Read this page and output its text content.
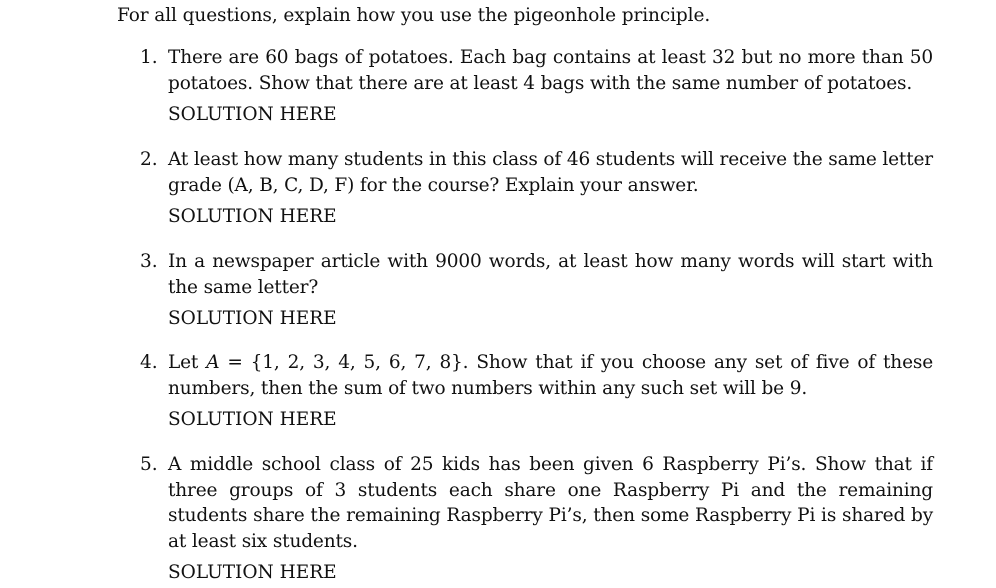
For all questions, explain how you use the pigeonhole principle.
1. There are 60 bags of potatoes. Each bag contains at least 32 but no more than 50 potatoes. Show that there are at least 4 bags with the same number of potatoes.
SOLUTION HERE
2. At least how many students in this class of 46 students will receive the same letter grade (A, B, C, D, F) for the course? Explain your answer.
SOLUTION HERE
3. In a newspaper article with 9000 words, at least how many words will start with the same letter?
SOLUTION HERE
4. Let A = {1, 2, 3, 4, 5, 6, 7, 8}. Show that if you choose any set of five of these numbers, then the sum of two numbers within any such set will be 9.
SOLUTION HERE
5. A middle school class of 25 kids has been given 6 Raspberry Pi’s. Show that if three groups of 3 students each share one Raspberry Pi and the remaining students share the remaining Raspberry Pi’s, then some Raspberry Pi is shared by at least six students.
SOLUTION HERE
